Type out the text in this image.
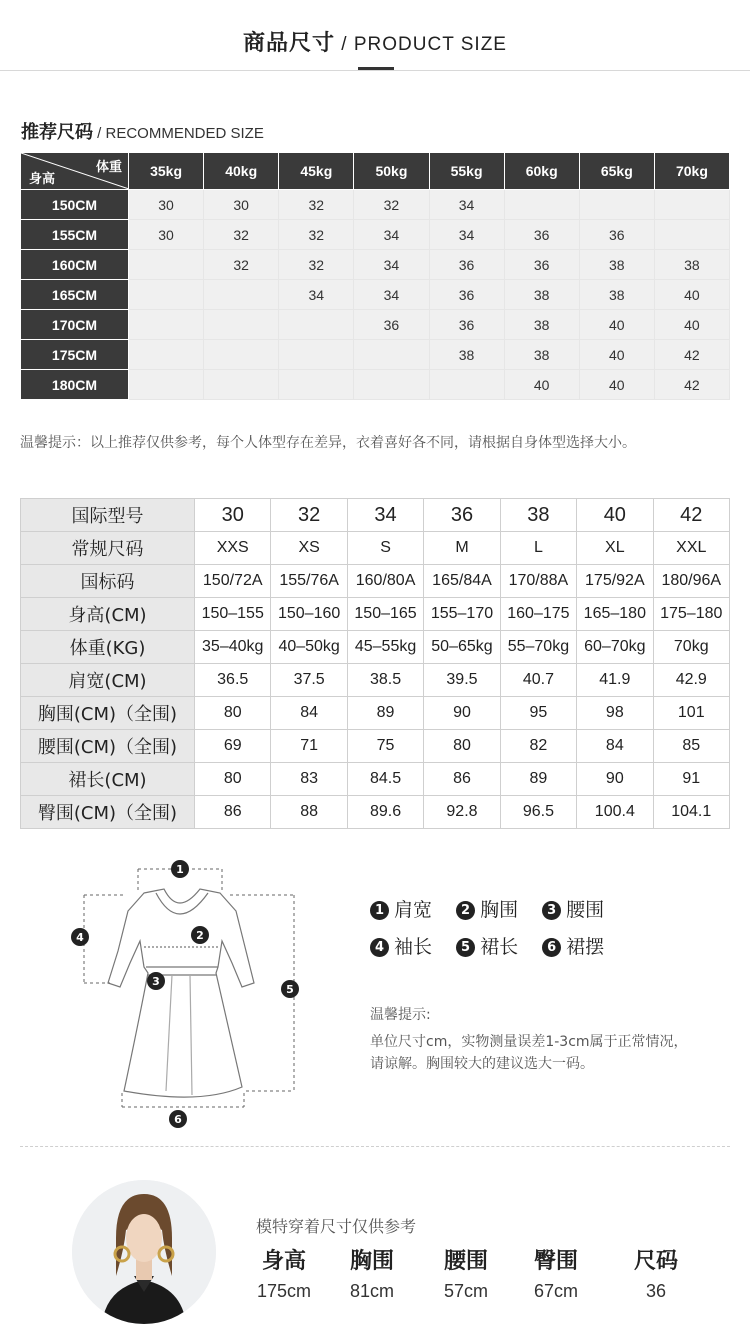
商品尺寸 / PRODUCT SIZE
推荐尺码 / RECOMMENDED SIZE
体重
身高	35kg	40kg	45kg	50kg	55kg	60kg	65kg	70kg
150CM	30	30	32	32	34			
155CM	30	32	32	34	34	36	36	
160CM		32	32	34	36	36	38	38
165CM			34	34	36	38	38	40
170CM				36	36	38	40	40
175CM					38	38	40	42
180CM						40	40	42
温馨提示：以上推荐仅供参考，每个人体型存在差异，衣着喜好各不同，请根据自身体型选择大小。
国际型号	30	32	34	36	38	40	42
常规尺码	XXS	XS	S	M	L	XL	XXL
国标码	150/72A	155/76A	160/80A	165/84A	170/88A	175/92A	180/96A
身高(CM)	150–155	150–160	150–165	155–170	160–175	165–180	175–180
体重(KG)	35–40kg	40–50kg	45–55kg	50–65kg	55–70kg	60–70kg	70kg
肩宽(CM)	36.5	37.5	38.5	39.5	40.7	41.9	42.9
胸围(CM)（全围)	80	84	89	90	95	98	101
腰围(CM)（全围)	69	71	75	80	82	84	85
裙长(CM)	80	83	84.5	86	89	90	91
臀围(CM)（全围)	86	88	89.6	92.8	96.5	100.4	104.1
1
2
3
4
5
6
1 肩宽 2 胸围 3 腰围
4 袖长 5 裙长 6 裙摆
温馨提示:
单位尺寸cm，实物测量误差1-3cm属于正常情况，请谅解。胸围较大的建议选大一码。
模特穿着尺寸仅供参考
身高
175cm
胸围
81cm
腰围
57cm
臀围
67cm
尺码
36
